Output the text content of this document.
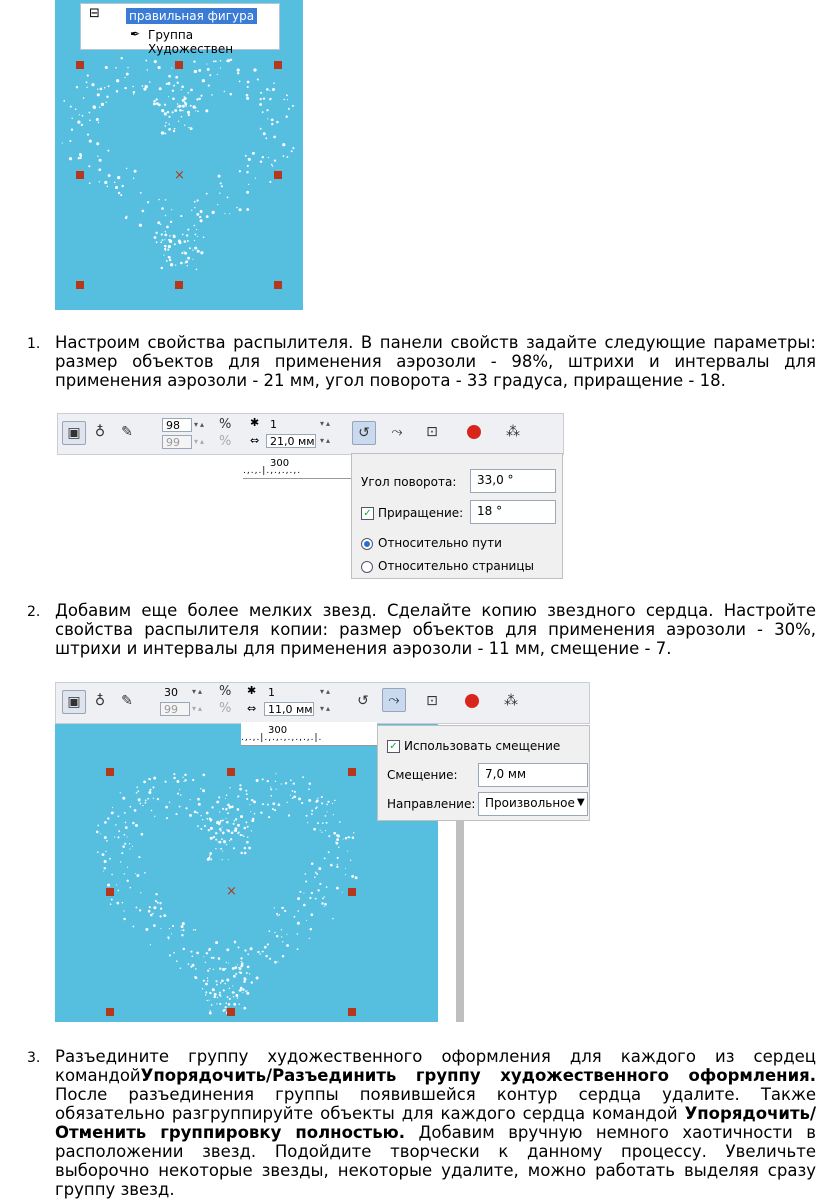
⊟ правильная фигура
✒ Группа Художествен
×
1. Настроим свойства распылителя. В панели свойств задайте следующие параметры: размер объектов для применения аэрозоли - 98%, штрихи и интервалы для применения аэрозоли - 21 мм, угол поворота - 33 градуса, приращение - 18.
▣	♁	✎	98
99
▾▴
▾▴
%
%
✱
⇔
1
21,0 мм
▾▴
▾▴	↺	⤳	⊡	⁂
300
.,.,.|.,.,.,.,.
Угол поворота:	33,0 °
✓ Приращение:	18 °
Относительно пути
Относительно страницы
2. Добавим еще более мелких звезд. Сделайте копию звездного сердца. Настройте свойства распылителя копии: размер объектов для применения аэрозоли - 30%, штрихи и интервалы для применения аэрозоли - 11 мм, смещение - 7.
▣	♁	✎
30
99
▾▴
▾▴
%
%
✱
⇔
1
11,0 мм
▾▴
▾▴	↺	⤳	⊡	⁂
300
.,.,.|.,.,.,.,.,.,.|.
✓ Использовать смещение
Смещение:	7,0 мм
Направление: Произвольное ▼
×
3. Разъедините группу художественного оформления для каждого из сердец командойУпорядочить/Разъединить группу художественного оформления. После разъединения группы появившейся контур сердца удалите. Также обязательно разгруппируйте объекты для каждого сердца командой Упорядочить/Отменить группировку полностью. Добавим вручную немного хаотичности в расположении звезд. Подойдите творчески к данному процессу. Увеличьте выборочно некоторые звезды, некоторые удалите, можно работать выделяя сразу группу звезд.
